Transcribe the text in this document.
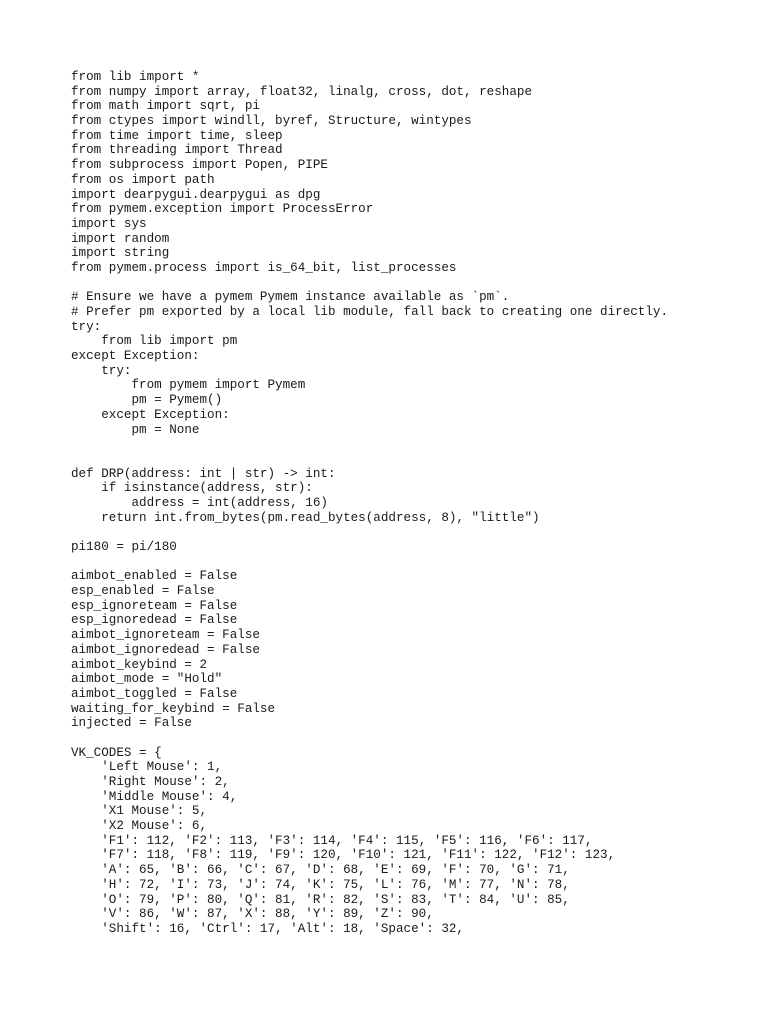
from lib import *
from numpy import array, float32, linalg, cross, dot, reshape
from math import sqrt, pi
from ctypes import windll, byref, Structure, wintypes
from time import time, sleep
from threading import Thread
from subprocess import Popen, PIPE
from os import path
import dearpygui.dearpygui as dpg
from pymem.exception import ProcessError
import sys
import random
import string
from pymem.process import is_64_bit, list_processes
# Ensure we have a pymem Pymem instance available as `pm`.
# Prefer pm exported by a local lib module, fall back to creating one directly.
try:
from lib import pm
except Exception:
try:
from pymem import Pymem
pm = Pymem()
except Exception:
pm = None
def DRP(address: int | str) -> int:
if isinstance(address, str):
address = int(address, 16)
return int.from_bytes(pm.read_bytes(address, 8), "little")
pi180 = pi/180
aimbot_enabled = False
esp_enabled = False
esp_ignoreteam = False
esp_ignoredead = False
aimbot_ignoreteam = False
aimbot_ignoredead = False
aimbot_keybind = 2
aimbot_mode = "Hold"
aimbot_toggled = False
waiting_for_keybind = False
injected = False
VK_CODES = {
'Left Mouse': 1,
'Right Mouse': 2,
'Middle Mouse': 4,
'X1 Mouse': 5,
'X2 Mouse': 6,
'F1': 112, 'F2': 113, 'F3': 114, 'F4': 115, 'F5': 116, 'F6': 117,
'F7': 118, 'F8': 119, 'F9': 120, 'F10': 121, 'F11': 122, 'F12': 123,
'A': 65, 'B': 66, 'C': 67, 'D': 68, 'E': 69, 'F': 70, 'G': 71,
'H': 72, 'I': 73, 'J': 74, 'K': 75, 'L': 76, 'M': 77, 'N': 78,
'O': 79, 'P': 80, 'Q': 81, 'R': 82, 'S': 83, 'T': 84, 'U': 85,
'V': 86, 'W': 87, 'X': 88, 'Y': 89, 'Z': 90,
'Shift': 16, 'Ctrl': 17, 'Alt': 18, 'Space': 32,
